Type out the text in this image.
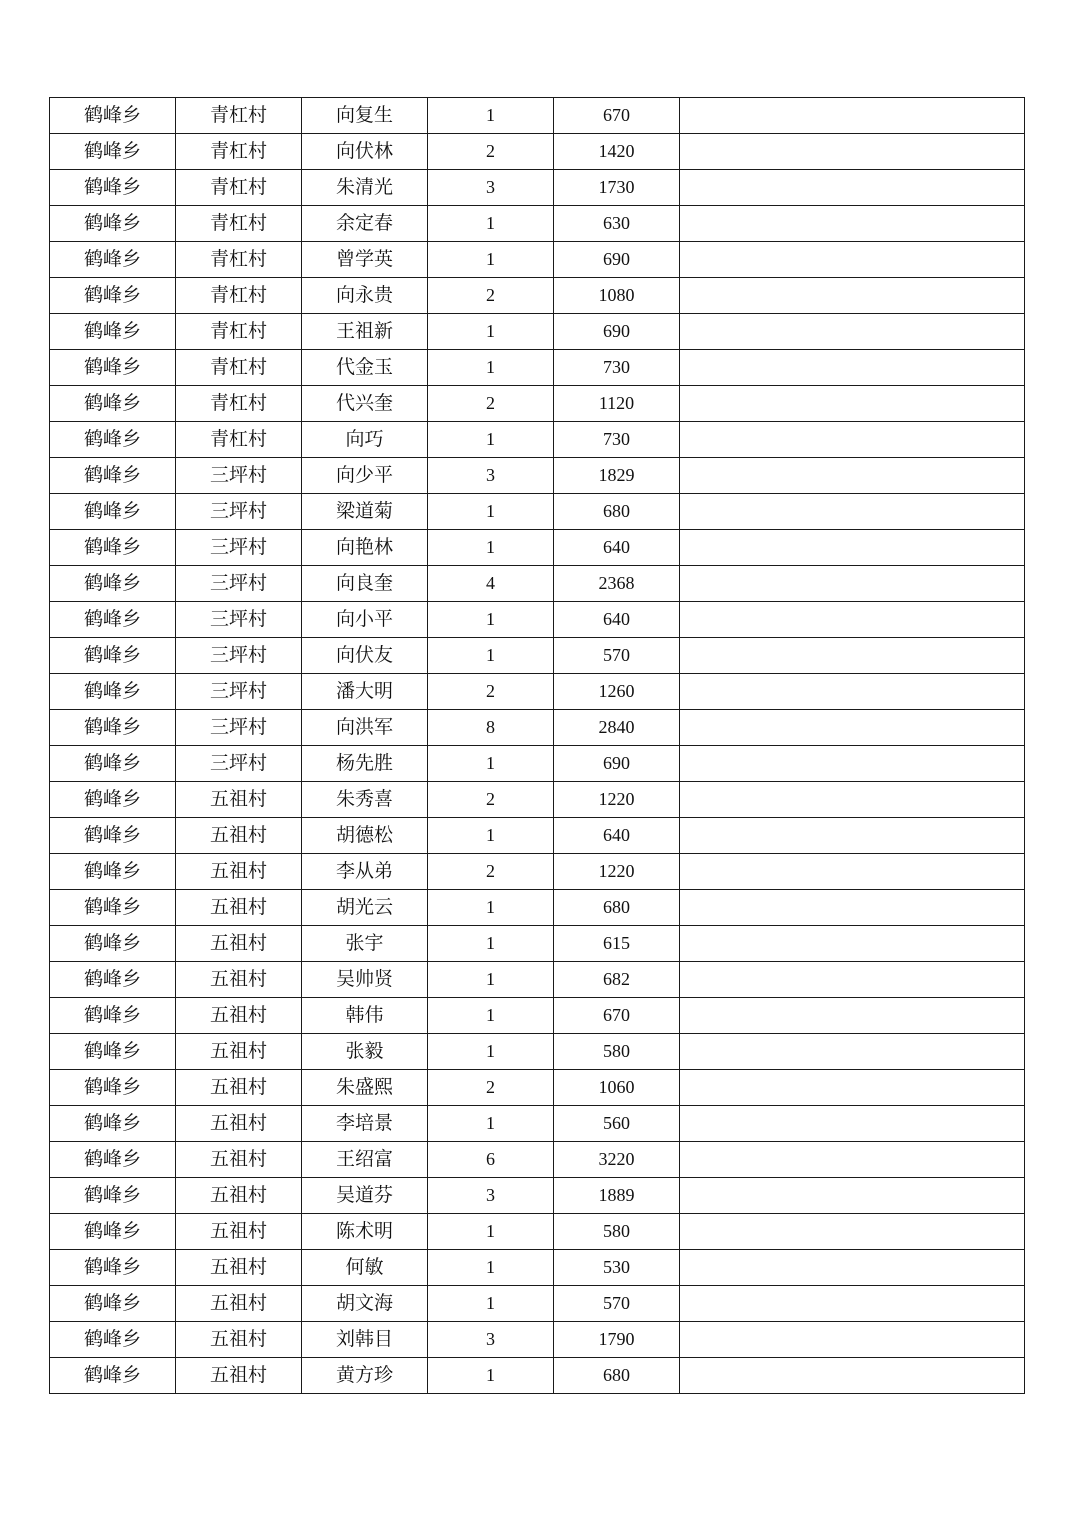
鹤峰乡	青杠村	向复生	1	670	
鹤峰乡	青杠村	向伏林	2	1420	
鹤峰乡	青杠村	朱清光	3	1730	
鹤峰乡	青杠村	余定春	1	630	
鹤峰乡	青杠村	曾学英	1	690	
鹤峰乡	青杠村	向永贵	2	1080	
鹤峰乡	青杠村	王祖新	1	690	
鹤峰乡	青杠村	代金玉	1	730	
鹤峰乡	青杠村	代兴奎	2	1120	
鹤峰乡	青杠村	向巧	1	730	
鹤峰乡	三坪村	向少平	3	1829	
鹤峰乡	三坪村	梁道菊	1	680	
鹤峰乡	三坪村	向艳林	1	640	
鹤峰乡	三坪村	向良奎	4	2368	
鹤峰乡	三坪村	向小平	1	640	
鹤峰乡	三坪村	向伏友	1	570	
鹤峰乡	三坪村	潘大明	2	1260	
鹤峰乡	三坪村	向洪军	8	2840	
鹤峰乡	三坪村	杨先胜	1	690	
鹤峰乡	五祖村	朱秀喜	2	1220	
鹤峰乡	五祖村	胡德松	1	640	
鹤峰乡	五祖村	李从弟	2	1220	
鹤峰乡	五祖村	胡光云	1	680	
鹤峰乡	五祖村	张宇	1	615	
鹤峰乡	五祖村	吴帅贤	1	682	
鹤峰乡	五祖村	韩伟	1	670	
鹤峰乡	五祖村	张毅	1	580	
鹤峰乡	五祖村	朱盛熙	2	1060	
鹤峰乡	五祖村	李培景	1	560	
鹤峰乡	五祖村	王绍富	6	3220	
鹤峰乡	五祖村	吴道芬	3	1889	
鹤峰乡	五祖村	陈术明	1	580	
鹤峰乡	五祖村	何敏	1	530	
鹤峰乡	五祖村	胡文海	1	570	
鹤峰乡	五祖村	刘韩目	3	1790	
鹤峰乡	五祖村	黄方珍	1	680	
